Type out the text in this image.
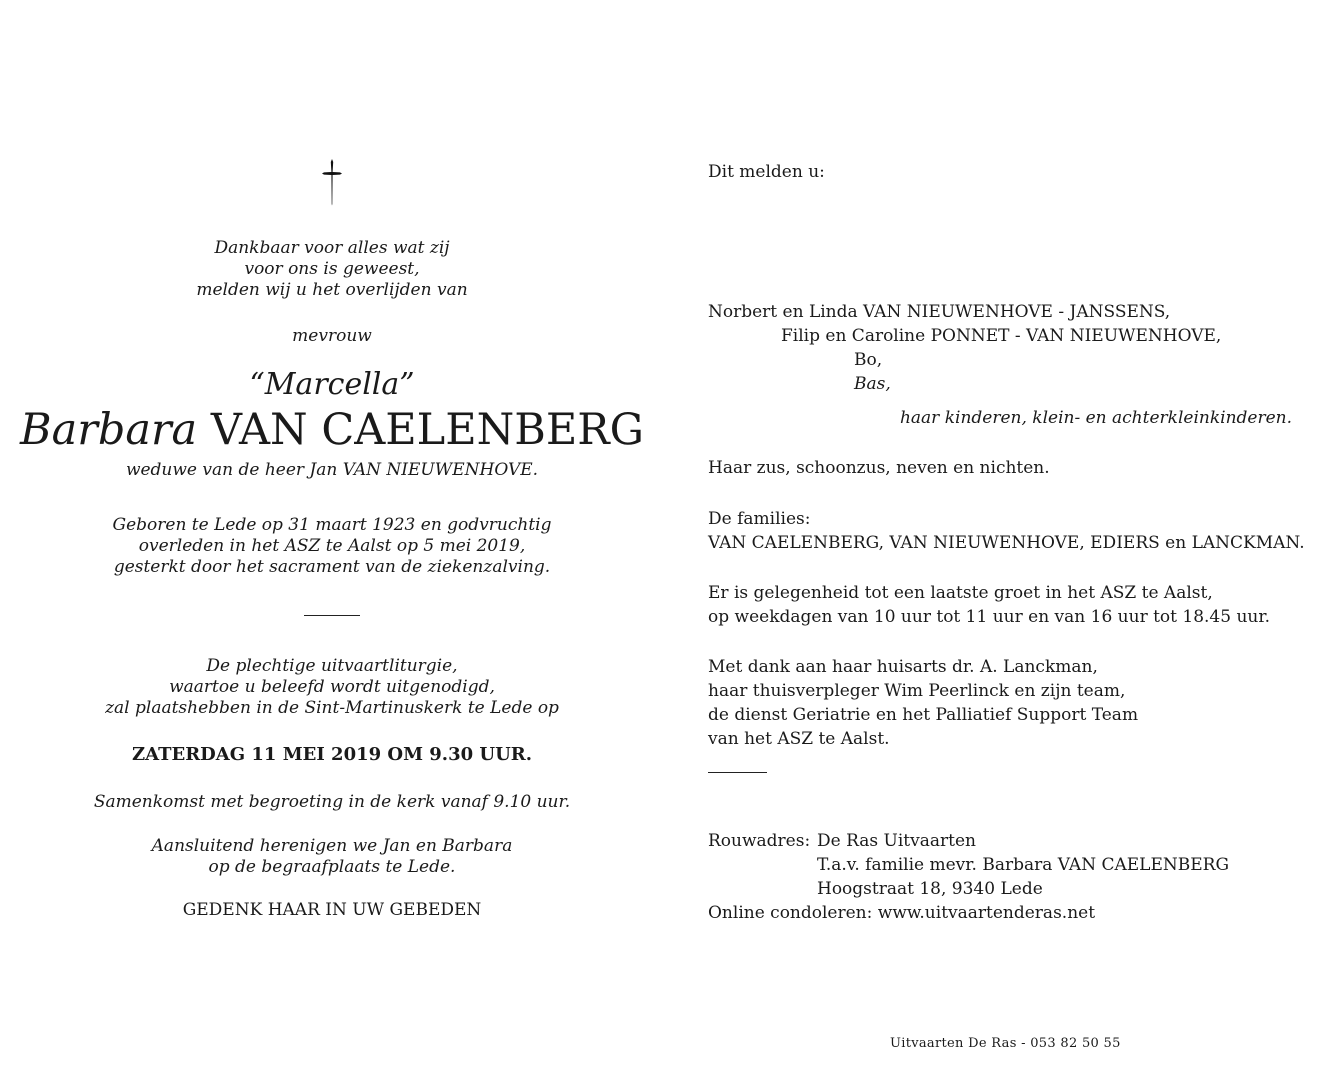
Dankbaar voor alles wat zij
voor ons is geweest,
melden wij u het overlijden van
mevrouw
“Marcella”
Barbara VAN CAELENBERG
weduwe van de heer Jan VAN NIEUWENHOVE.
Geboren te Lede op 31 maart 1923 en godvruchtig
overleden in het ASZ te Aalst op 5 mei 2019,
gesterkt door het sacrament van de ziekenzalving.
De plechtige uitvaartliturgie,
waartoe u beleefd wordt uitgenodigd,
zal plaatshebben in de Sint-Martinuskerk te Lede op
ZATERDAG 11 MEI 2019 OM 9.30 UUR.
Samenkomst met begroeting in de kerk vanaf 9.10 uur.
Aansluitend herenigen we Jan en Barbara
op de begraafplaats te Lede.
GEDENK HAAR IN UW GEBEDEN
Dit melden u:
Norbert en Linda VAN NIEUWENHOVE - JANSSENS,
Filip en Caroline PONNET - VAN NIEUWENHOVE,
Bo,
Bas,
haar kinderen, klein- en achterkleinkinderen.
Haar zus, schoonzus, neven en nichten.
De families:
VAN CAELENBERG, VAN NIEUWENHOVE, EDIERS en LANCKMAN.
Er is gelegenheid tot een laatste groet in het ASZ te Aalst,
op weekdagen van 10 uur tot 11 uur en van 16 uur tot 18.45 uur.
Met dank aan haar huisarts dr. A. Lanckman,
haar thuisverpleger Wim Peerlinck en zijn team,
de dienst Geriatrie en het Palliatief Support Team
van het ASZ te Aalst.
Rouwadres: De Ras Uitvaarten
T.a.v. familie mevr. Barbara VAN CAELENBERG
Hoogstraat 18, 9340 Lede
Online condoleren: www.uitvaartenderas.net
Uitvaarten De Ras - 053 82 50 55
